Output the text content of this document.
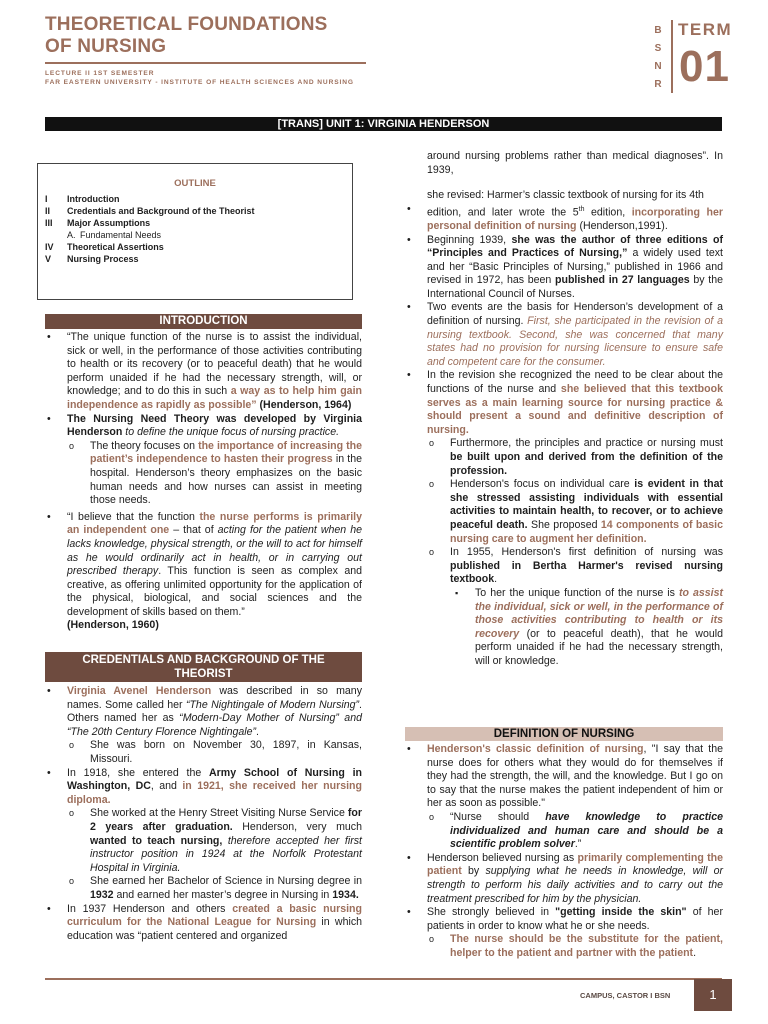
THEORETICAL FOUNDATIONS
OF NURSING
LECTURE II 1ST SEMESTER
FAR EASTERN UNIVERSITY - INSTITUTE OF HEALTH SCIENCES AND NURSING
B
S
N
R
TERM
01
[TRANS] UNIT 1: VIRGINIA HENDERSON
OUTLINE
I	Introduction
II	Credentials and Background of the Theorist
III	Major Assumptions
A. Fundamental Needs
IV	Theoretical Assertions
V	Nursing Process
INTRODUCTION
• “The unique function of the nurse is to assist the individual, sick or well, in the performance of those activities contributing to health or its recovery (or to peaceful death) that he would perform unaided if he had the necessary strength, will, or knowledge; and to do this in such a way as to help him gain independence as rapidly as possible” (Henderson, 1964)
• The Nursing Need Theory was developed by Virginia Henderson to define the unique focus of nursing practice.
o The theory focuses on the importance of increasing the patient’s independence to hasten their progress in the hospital. Henderson’s theory emphasizes on the basic human needs and how nurses can assist in meeting those needs.
• “I believe that the function the nurse performs is primarily an independent one – that of acting for the patient when he lacks knowledge, physical strength, or the will to act for himself as he would ordinarily act in health, or in carrying out prescribed therapy. This function is seen as complex and creative, as offering unlimited opportunity for the application of the physical, biological, and social sciences and the development of skills based on them.”
(Henderson, 1960)
CREDENTIALS AND BACKGROUND OF THE THEORIST
• Virginia Avenel Henderson was described in so many names. Some called her “The Nightingale of Modern Nursing”. Others named her as “Modern-Day Mother of Nursing” and “The 20th Century Florence Nightingale”.
o She was born on November 30, 1897, in Kansas, Missouri.
• In 1918, she entered the Army School of Nursing in Washington, DC, and in 1921, she received her nursing diploma.
o She worked at the Henry Street Visiting Nurse Service for 2 years after graduation. Henderson, very much wanted to teach nursing, therefore accepted her first instructor position in 1924 at the Norfolk Protestant Hospital in Virginia.
o She earned her Bachelor of Science in Nursing degree in 1932 and earned her master’s degree in Nursing in 1934.
• In 1937 Henderson and others created a basic nursing curriculum for the National League for Nursing in which education was “patient centered and organized
around nursing problems rather than medical diagnoses”. In 1939,
she revised: Harmer’s classic textbook of nursing for its 4th
• edition, and later wrote the 5th edition, incorporating her personal definition of nursing (Henderson,1991).
• Beginning 1939, she was the author of three editions of “Principles and Practices of Nursing,” a widely used text and her “Basic Principles of Nursing,” published in 1966 and revised in 1972, has been published in 27 languages by the International Council of Nurses.
• Two events are the basis for Henderson’s development of a definition of nursing. First, she participated in the revision of a nursing textbook. Second, she was concerned that many states had no provision for nursing licensure to ensure safe and competent care for the consumer.
• In the revision she recognized the need to be clear about the functions of the nurse and she believed that this textbook serves as a main learning source for nursing practice & should present a sound and definitive description of nursing.
o Furthermore, the principles and practice or nursing must be built upon and derived from the definition of the profession.
o Henderson's focus on individual care is evident in that she stressed assisting individuals with essential activities to maintain health, to recover, or to achieve peaceful death. She proposed 14 components of basic nursing care to augment her definition.
o In 1955, Henderson's first definition of nursing was published in Bertha Harmer's revised nursing textbook.
▪ To her the unique function of the nurse is to assist the individual, sick or well, in the performance of those activities contributing to health or its recovery (or to peaceful death), that he would perform unaided if he had the necessary strength, will or knowledge.
DEFINITION OF NURSING
• Henderson's classic definition of nursing, "I say that the nurse does for others what they would do for themselves if they had the strength, the will, and the knowledge. But I go on to say that the nurse makes the patient independent of him or her as soon as possible."
o “Nurse should have knowledge to practice individualized and human care and should be a scientific problem solver.”
• Henderson believed nursing as primarily complementing the patient by supplying what he needs in knowledge, will or strength to perform his daily activities and to carry out the treatment prescribed for him by the physician.
• She strongly believed in "getting inside the skin" of her patients in order to know what he or she needs.
o The nurse should be the substitute for the patient, helper to the patient and partner with the patient.
CAMPUS, CASTOR I BSN	1
